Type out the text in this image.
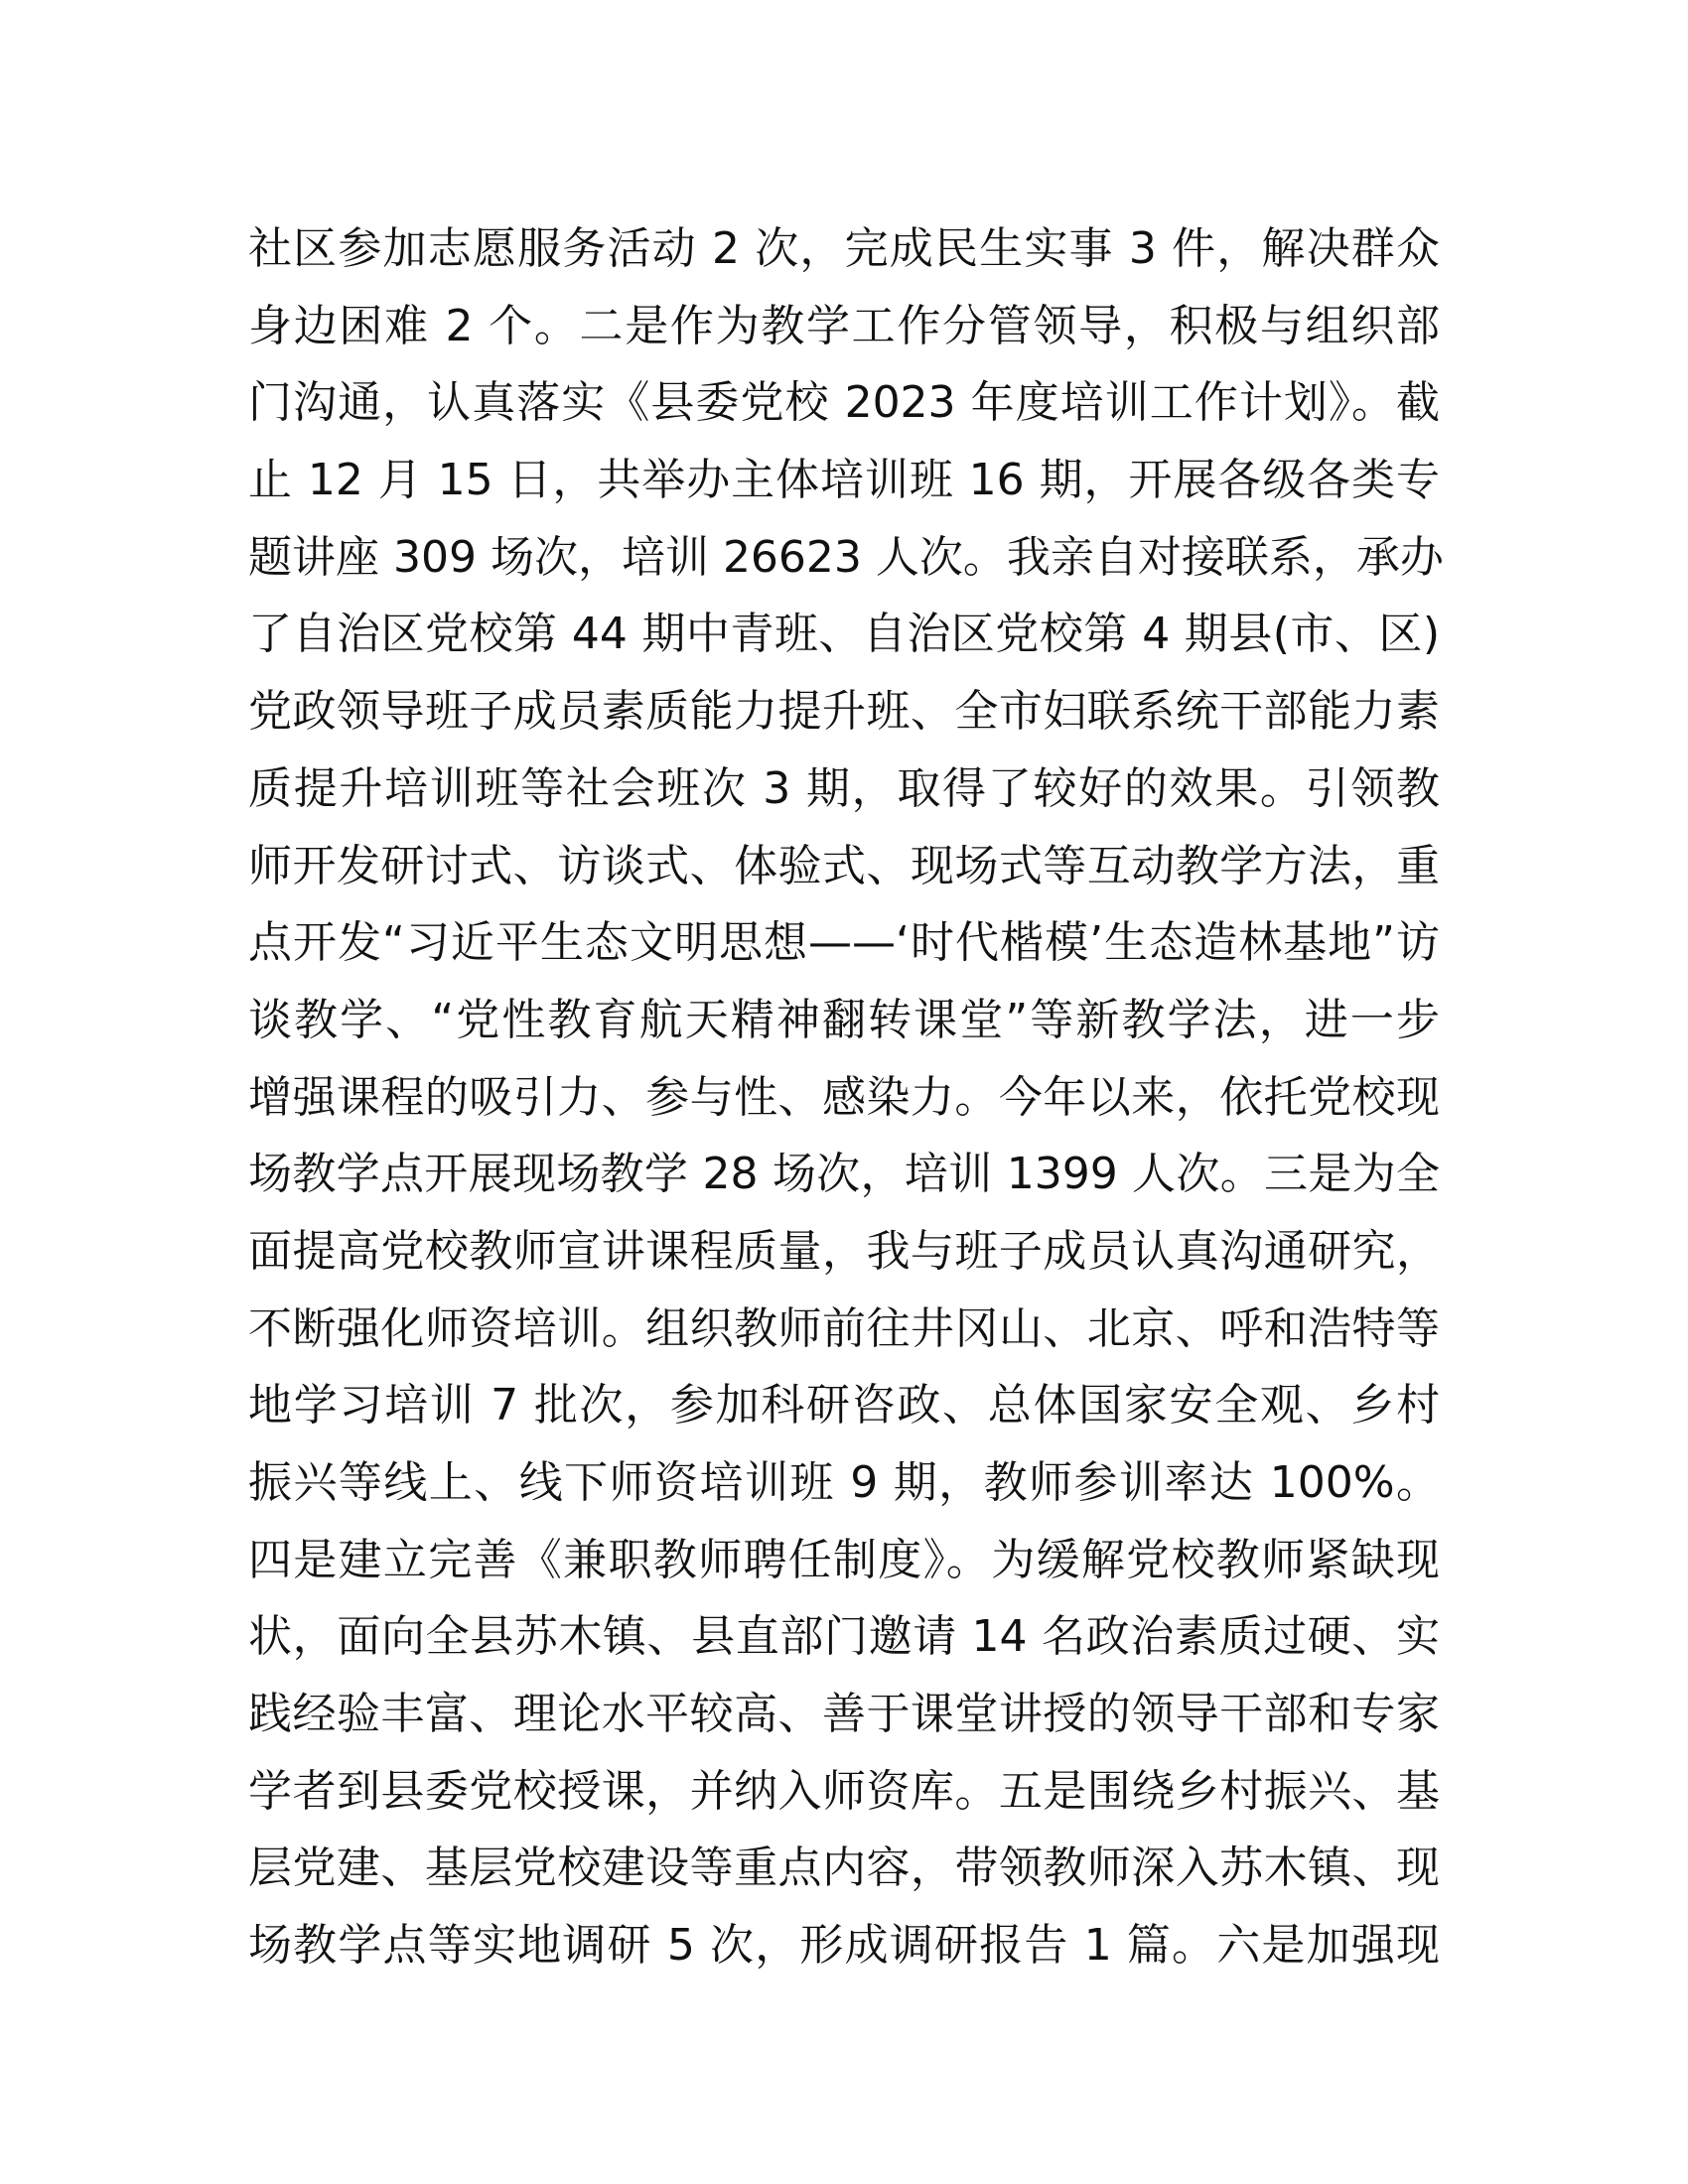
社区参加志愿服务活动 2 次，完成民生实事 3 件，解决群众
身边困难 2 个。二是作为教学工作分管领导，积极与组织部
门沟通，认真落实《县委党校 2023 年度培训工作计划》。截
止 12 月 15 日，共举办主体培训班 16 期，开展各级各类专
题讲座 309 场次，培训 26623 人次。我亲自对接联系，承办
了自治区党校第 44 期中青班、自治区党校第 4 期县(市、区)
党政领导班子成员素质能力提升班、全市妇联系统干部能力素
质提升培训班等社会班次 3 期，取得了较好的效果。引领教
师开发研讨式、访谈式、体验式、现场式等互动教学方法，重
点开发“习近平生态文明思想——‘时代楷模’生态造林基地”访
谈教学、“党性教育航天精神翻转课堂”等新教学法，进一步
增强课程的吸引力、参与性、感染力。今年以来，依托党校现
场教学点开展现场教学 28 场次，培训 1399 人次。三是为全
面提高党校教师宣讲课程质量，我与班子成员认真沟通研究，
不断强化师资培训。组织教师前往井冈山、北京、呼和浩特等
地学习培训 7 批次，参加科研咨政、总体国家安全观、乡村
振兴等线上、线下师资培训班 9 期，教师参训率达 100%。
四是建立完善《兼职教师聘任制度》。为缓解党校教师紧缺现
状，面向全县苏木镇、县直部门邀请 14 名政治素质过硬、实
践经验丰富、理论水平较高、善于课堂讲授的领导干部和专家
学者到县委党校授课，并纳入师资库。五是围绕乡村振兴、基
层党建、基层党校建设等重点内容，带领教师深入苏木镇、现
场教学点等实地调研 5 次，形成调研报告 1 篇。六是加强现
